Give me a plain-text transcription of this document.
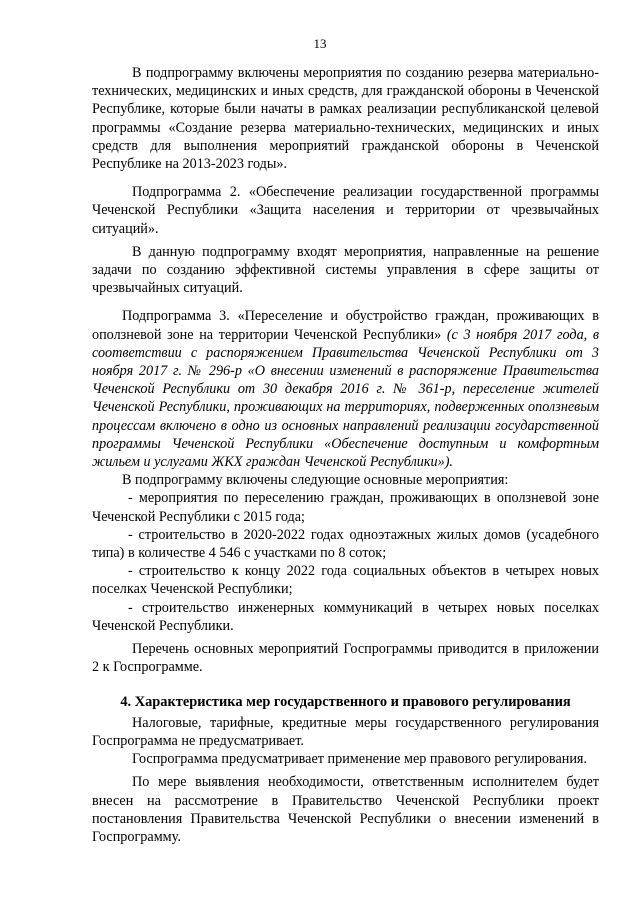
13

В подпрограмму включены мероприятия по созданию резерва материально-технических, медицинских и иных средств, для гражданской обороны в Чеченской Республике, которые были начаты в рамках реализации республиканской целевой программы «Создание резерва материально-технических, медицинских и иных средств для выполнения мероприятий гражданской обороны в Чеченской Республике на 2013-2023 годы».

Подпрограмма 2. «Обеспечение реализации государственной программы Чеченской Республики «Защита населения и территории от чрезвычайных ситуаций».

В данную подпрограмму входят мероприятия, направленные на решение задачи по созданию эффективной системы управления в сфере защиты от чрезвычайных ситуаций.

Подпрограмма 3. «Переселение и обустройство граждан, проживающих в оползневой зоне на территории Чеченской Республики» (с 3 ноября 2017 года, в соответствии с распоряжением Правительства Чеченской Республики от 3 ноября 2017 г. № 296-р «О внесении изменений в распоряжение Правительства Чеченской Республики от 30 декабря 2016 г. № 361-р, переселение жителей Чеченской Республики, проживающих на территориях, подверженных оползневым процессам включено в одно из основных направлений реализации государственной программы Чеченской Республики «Обеспечение доступным и комфортным жильем и услугами ЖКХ граждан Чеченской Республики»).

В подпрограмму включены следующие основные мероприятия:

- мероприятия по переселению граждан, проживающих в оползневой зоне Чеченской Республики с 2015 года;

- строительство в 2020-2022 годах одноэтажных жилых домов (усадебного типа) в количестве 4 546 с участками по 8 соток;

- строительство к концу 2022 года социальных объектов в четырех новых поселках Чеченской Республики;

- строительство инженерных коммуникаций в четырех новых поселках Чеченской Республики.

Перечень основных мероприятий Госпрограммы приводится в приложении 2 к Госпрограмме.

4. Характеристика мер государственного и правового регулирования

Налоговые, тарифные, кредитные меры государственного регулирования Госпрограмма не предусматривает.

Госпрограмма предусматривает применение мер правового регулирования.

По мере выявления необходимости, ответственным исполнителем будет внесен на рассмотрение в Правительство Чеченской Республики проект постановления Правительства Чеченской Республики о внесении изменений в Госпрограмму.
